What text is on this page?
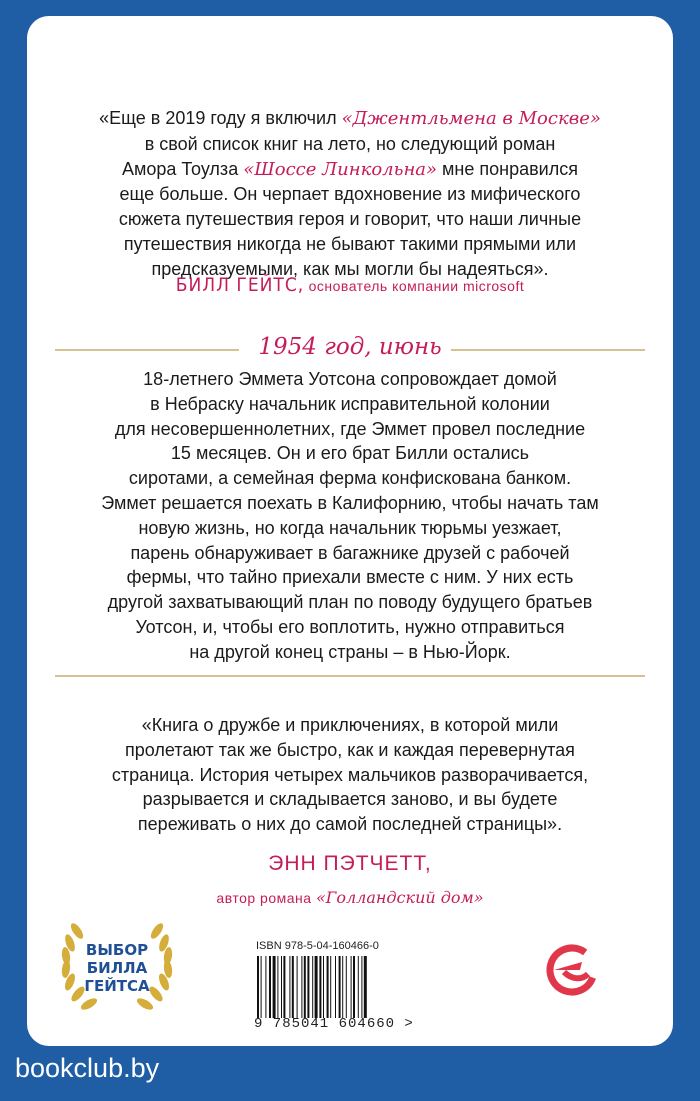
«Еще в 2019 году я включил «Джентльмена в Москве»
в свой список книг на лето, но следующий роман
Амора Тоулза «Шоссе Линкольна» мне понравился
еще больше. Он черпает вдохновение из мифического
сюжета путешествия героя и говорит, что наши личные
путешествия никогда не бывают такими прямыми или
предсказуемыми, как мы могли бы надеяться».
БИЛЛ ГЕЙТС, основатель компании microsoft
1954 год, июнь
18-летнего Эммета Уотсона сопровождает домой
в Небраску начальник исправительной колонии
для несовершеннолетних, где Эммет провел последние
15 месяцев. Он и его брат Билли остались
сиротами, а семейная ферма конфискована банком.
Эммет решается поехать в Калифорнию, чтобы начать там
новую жизнь, но когда начальник тюрьмы уезжает,
парень обнаруживает в багажнике друзей с рабочей
фермы, что тайно приехали вместе с ним. У них есть
другой захватывающий план по поводу будущего братьев
Уотсон, и, чтобы его воплотить, нужно отправиться
на другой конец страны – в Нью-Йорк.
«Книга о дружбе и приключениях, в которой мили
пролетают так же быстро, как и каждая перевернутая
страница. История четырех мальчиков разворачивается,
разрывается и складывается заново, и вы будете
переживать о них до самой последней страницы».
ЭНН ПЭТЧЕТТ,
автор романа «Голландский дом»
ВЫБОР
БИЛЛА
ГЕЙТСА
ISBN 978-5-04-160466-0
9 785041 604660 >
bookclub.by
